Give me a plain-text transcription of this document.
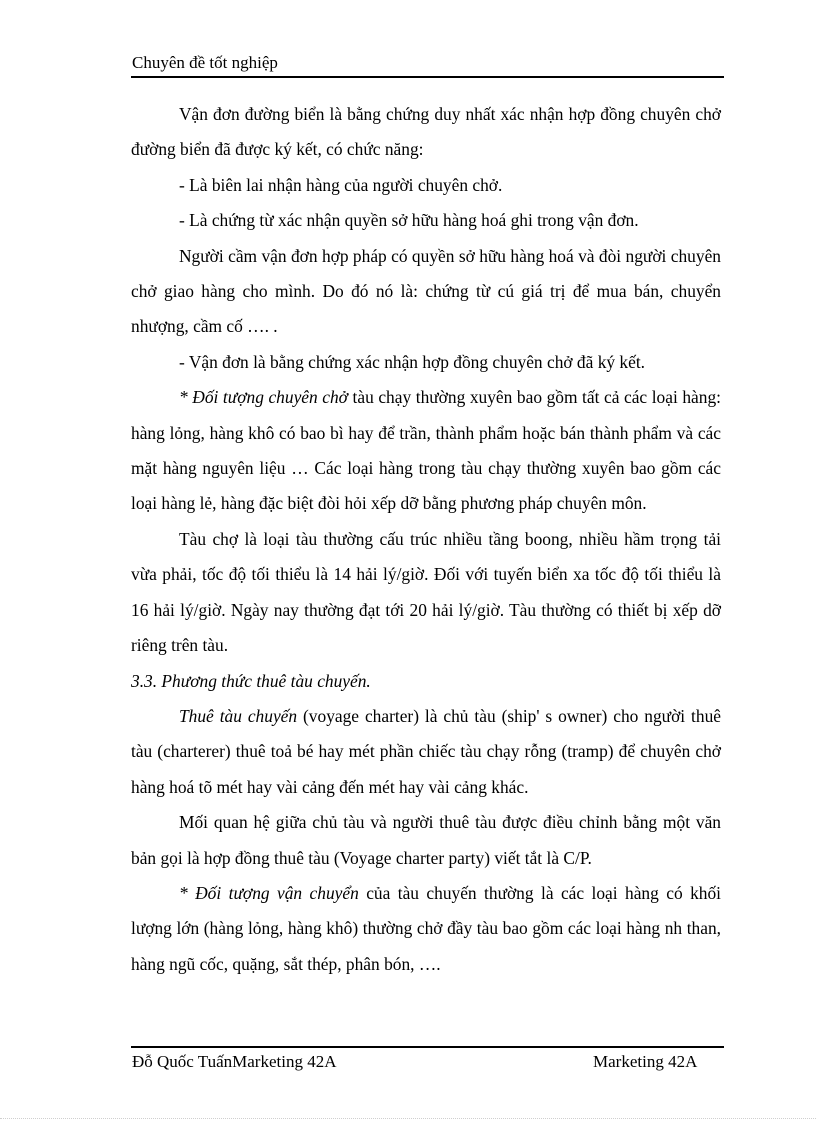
Chuyên đề tốt nghiệp

Vận đơn đường biển là bằng chứng duy nhất xác nhận hợp đồng chuyên chở đường biển đã được ký kết, có chức năng:

- Là biên lai nhận hàng của người chuyên chở.

- Là chứng từ xác nhận quyền sở hữu hàng hoá ghi trong vận đơn.

Người cầm vận đơn hợp pháp có quyền sở hữu hàng hoá và đòi người chuyên chở giao hàng cho mình. Do đó nó là: chứng từ cú giá trị để mua bán, chuyển nhượng, cầm cố …. .

- Vận đơn là bằng chứng xác nhận hợp đồng chuyên chở đã ký kết.

* Đối tượng chuyên chở tàu chạy thường xuyên bao gồm tất cả các loại hàng: hàng lỏng, hàng khô có bao bì hay để trần, thành phẩm hoặc bán thành phẩm và các mặt hàng nguyên liệu … Các loại hàng trong tàu chạy thường xuyên bao gồm các loại hàng lẻ, hàng đặc biệt đòi hỏi xếp dỡ bằng phương pháp chuyên môn.

Tàu chợ là loại tàu thường cấu trúc nhiều tầng boong, nhiều hầm trọng tải vừa phải, tốc độ tối thiểu là 14 hải lý/giờ. Đối với tuyến biển xa tốc độ tối thiểu là 16 hải lý/giờ. Ngày nay thường đạt tới 20 hải lý/giờ. Tàu thường có thiết bị xếp dỡ riêng trên tàu.

3.3. Phương thức thuê tàu chuyến.

Thuê tàu chuyến (voyage charter) là chủ tàu (ship' s owner) cho người thuê tàu (charterer) thuê toả bé hay mét phần chiếc tàu chạy rỗng (tramp) để chuyên chở hàng hoá tõ mét hay vài cảng đến mét hay vài cảng khác.

Mối quan hệ giữa chủ tàu và người thuê tàu được điều chỉnh bằng một văn bản gọi là hợp đồng thuê tàu (Voyage charter party) viết tắt là C/P.

* Đối tượng vận chuyển của tàu chuyến thường là các loại hàng có khối lượng lớn (hàng lỏng, hàng khô) thường chở đầy tàu bao gồm các loại hàng nh than, hàng ngũ cốc, quặng, sắt thép, phân bón, ….

Đỗ Quốc TuấnMarketing 42A	Marketing 42A
